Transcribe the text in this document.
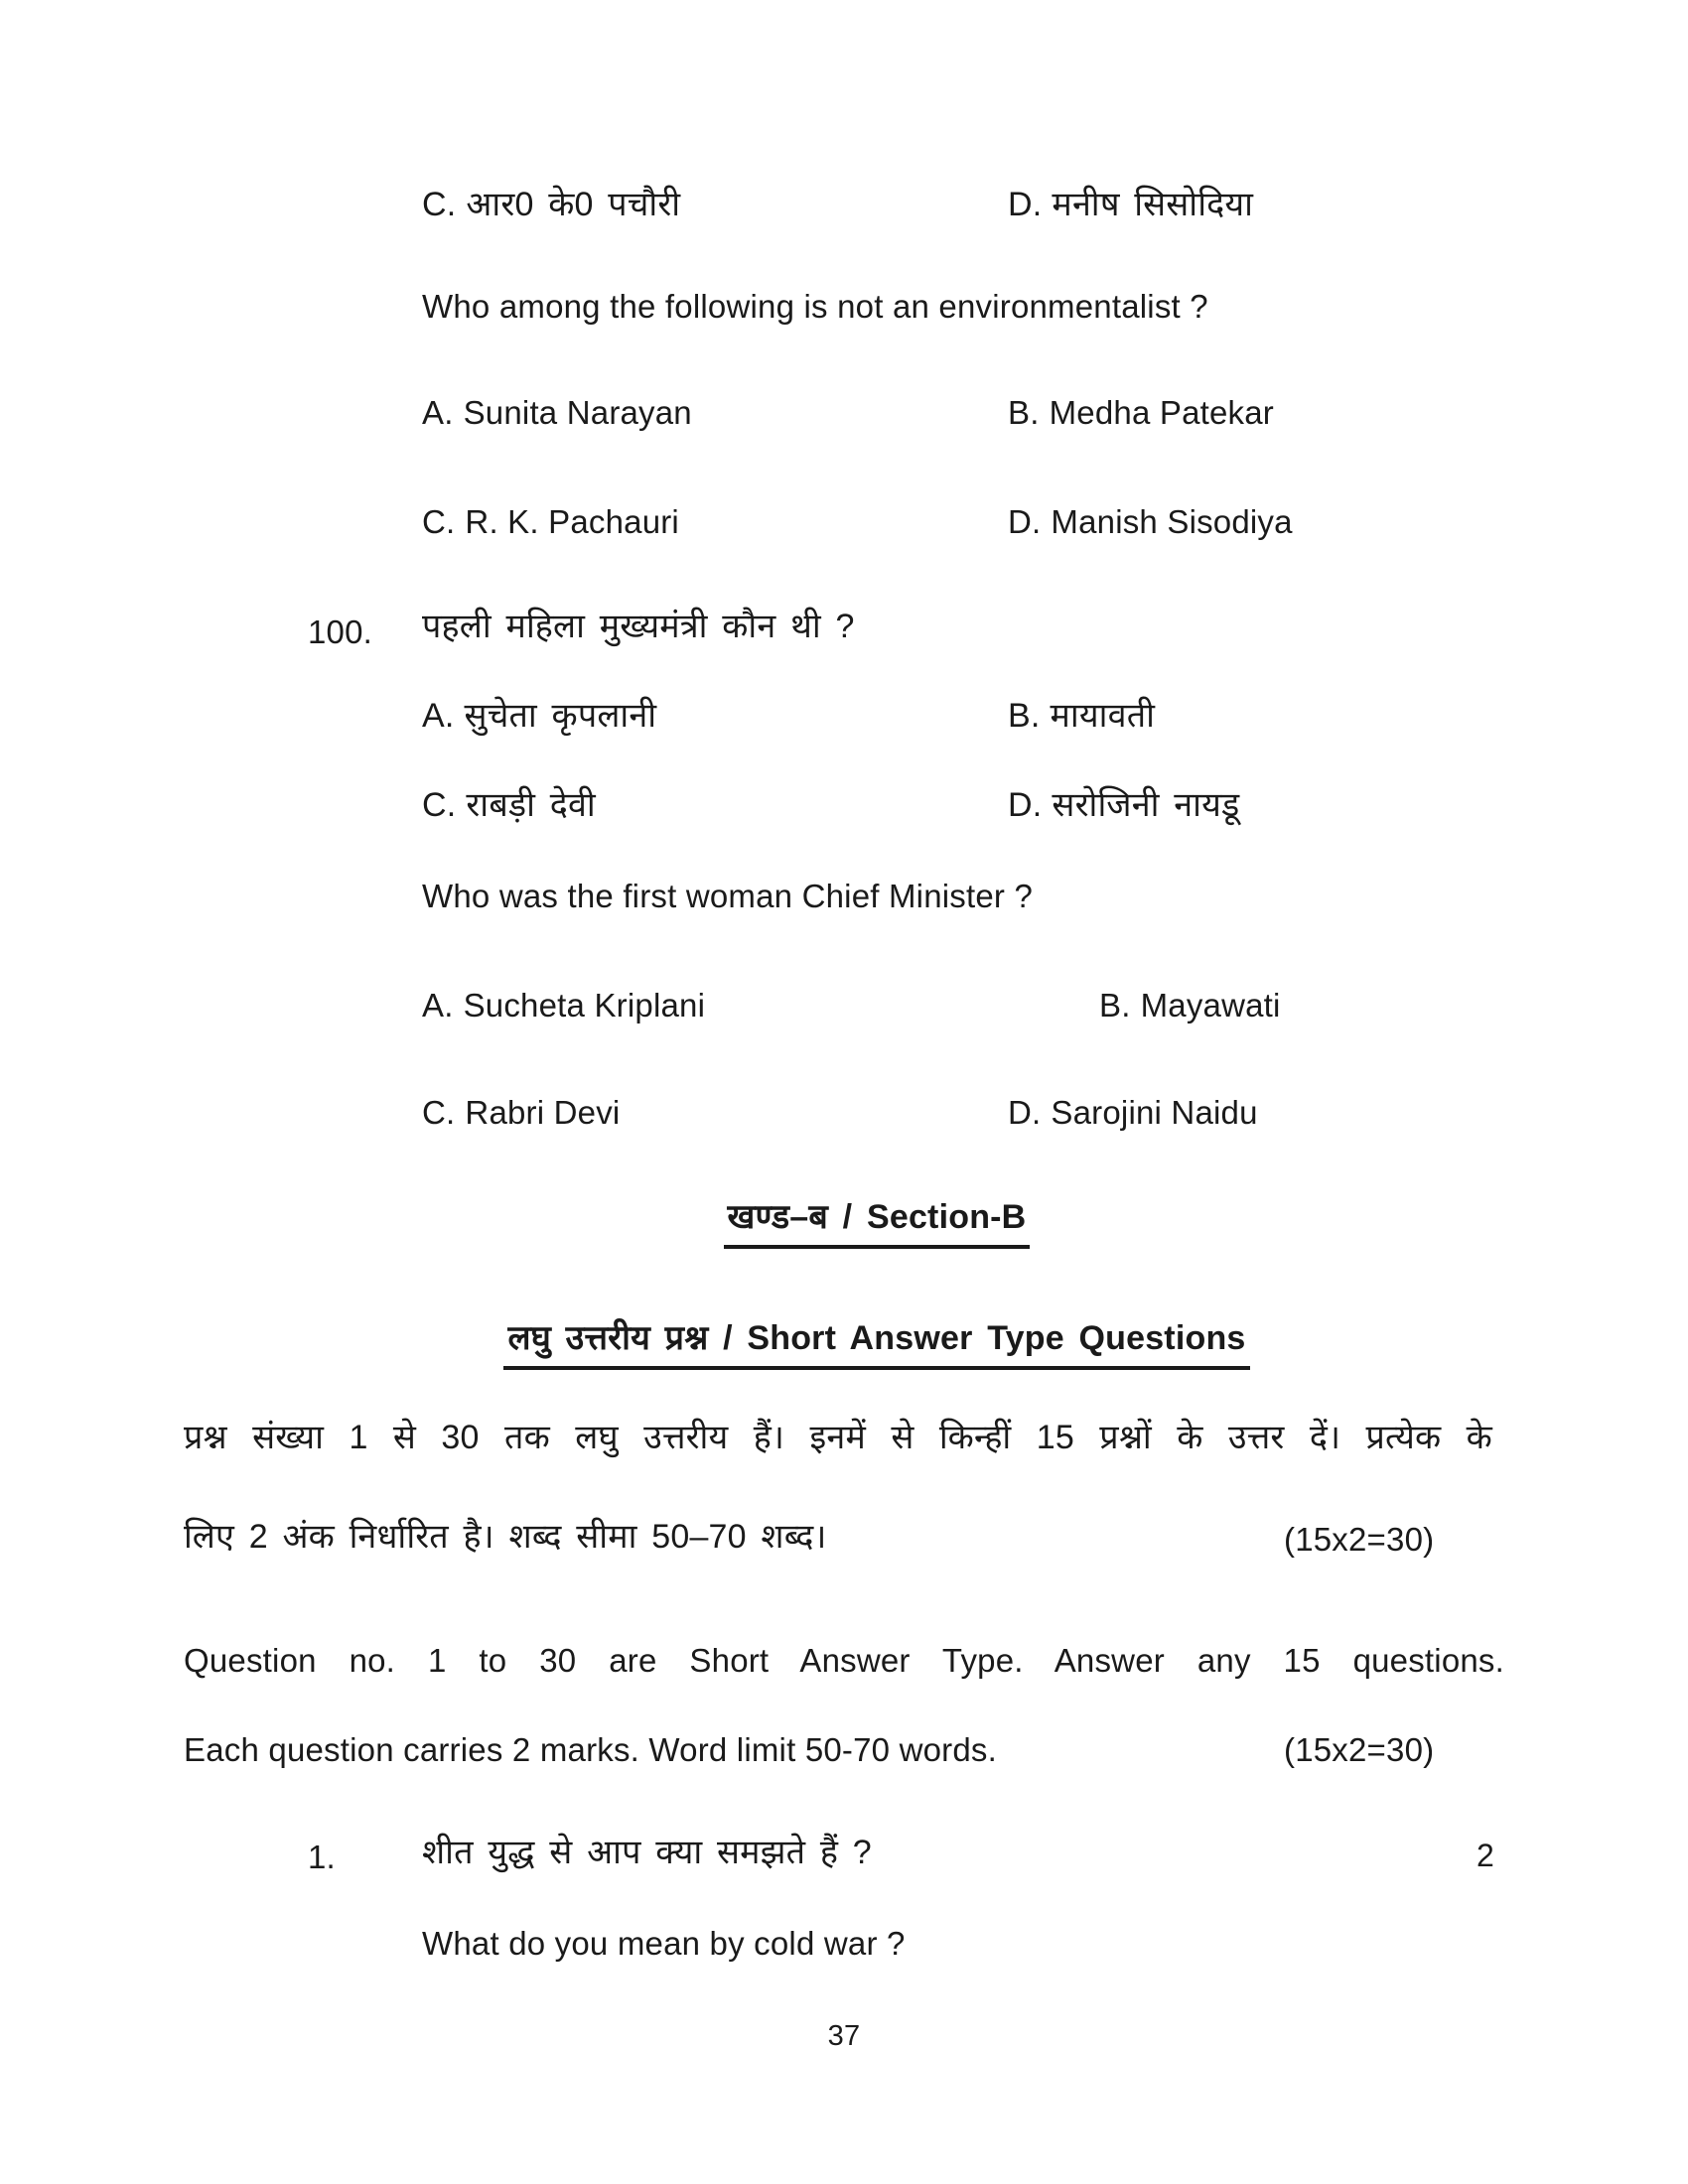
C. आर0 के0 पचौरी	D. मनीष सिसोदिया
Who among the following is not an environmentalist ?
A. Sunita Narayan	B. Medha Patekar
C. R. K. Pachauri	D. Manish Sisodiya
100. पहली महिला मुख्यमंत्री कौन थी ?
A. सुचेता कृपलानी	B. मायावती
C. राबड़ी देवी	D. सरोजिनी नायडू
Who was the first woman Chief Minister ?
A. Sucheta Kriplani	B. Mayawati
C. Rabri Devi	D. Sarojini Naidu
खण्ड–ब / Section-B
लघु उत्तरीय प्रश्न / Short Answer Type Questions
प्रश्न संख्या 1 से 30 तक लघु उत्तरीय हैं। इनमें से किन्हीं 15 प्रश्नों के उत्तर दें। प्रत्येक के
लिए 2 अंक निर्धारित है। शब्द सीमा 50–70 शब्द।	(15x2=30)
Question no. 1 to 30 are Short Answer Type. Answer any 15 questions.
Each question carries 2 marks. Word limit 50-70 words.	(15x2=30)
1.	शीत युद्ध से आप क्या समझते हैं ?	2
What do you mean by cold war ?
37
